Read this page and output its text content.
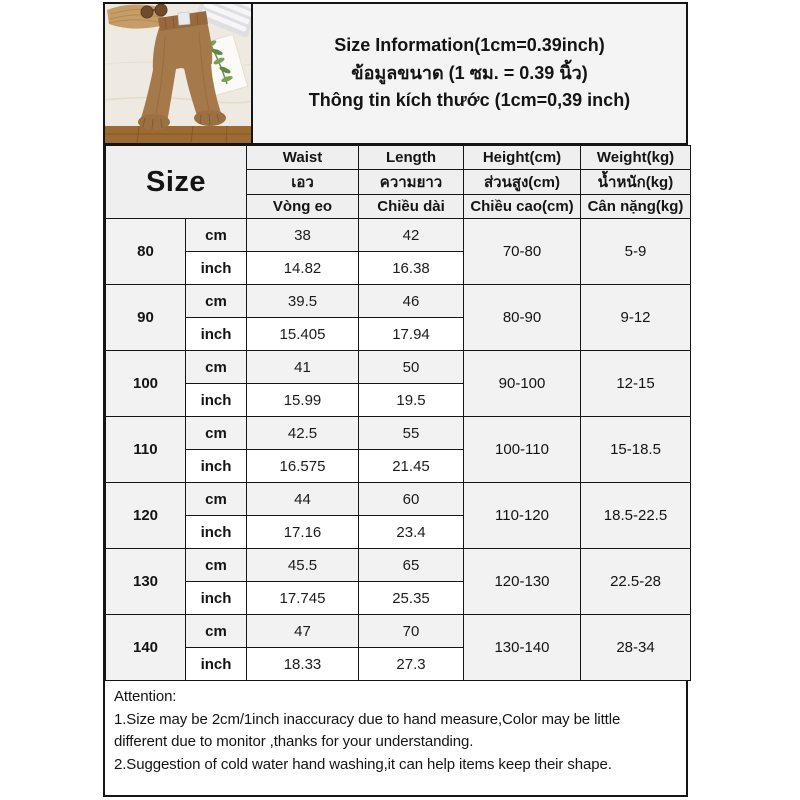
Size Information(1cm=0.39inch)
ข้อมูลขนาด (1 ซม. = 0.39 นิ้ว)
Thông tin kích thước (1cm=0,39 inch)
Size		Waist	Length	Height(cm)	Weight(kg)
		เอว	ความยาว	ส่วนสูง(cm)	น้ำหนัก(kg)
		Vòng eo	Chiều dài	Chiều cao(cm)	Cân nặng(kg)
80	cm	38	42	70-80	5-9
	inch	14.82	16.38		
90	cm	39.5	46	80-90	9-12
	inch	15.405	17.94		
100	cm	41	50	90-100	12-15
	inch	15.99	19.5		
110	cm	42.5	55	100-110	15-18.5
	inch	16.575	21.45		
120	cm	44	60	110-120	18.5-22.5
	inch	17.16	23.4		
130	cm	45.5	65	120-130	22.5-28
	inch	17.745	25.35		
140	cm	47	70	130-140	28-34
	inch	18.33	27.3		
Attention:
1.Size may be 2cm/1inch inaccuracy due to hand measure,Color may be little different due to monitor ,thanks for your understanding.
2.Suggestion of cold water hand washing,it can help items keep their shape.
